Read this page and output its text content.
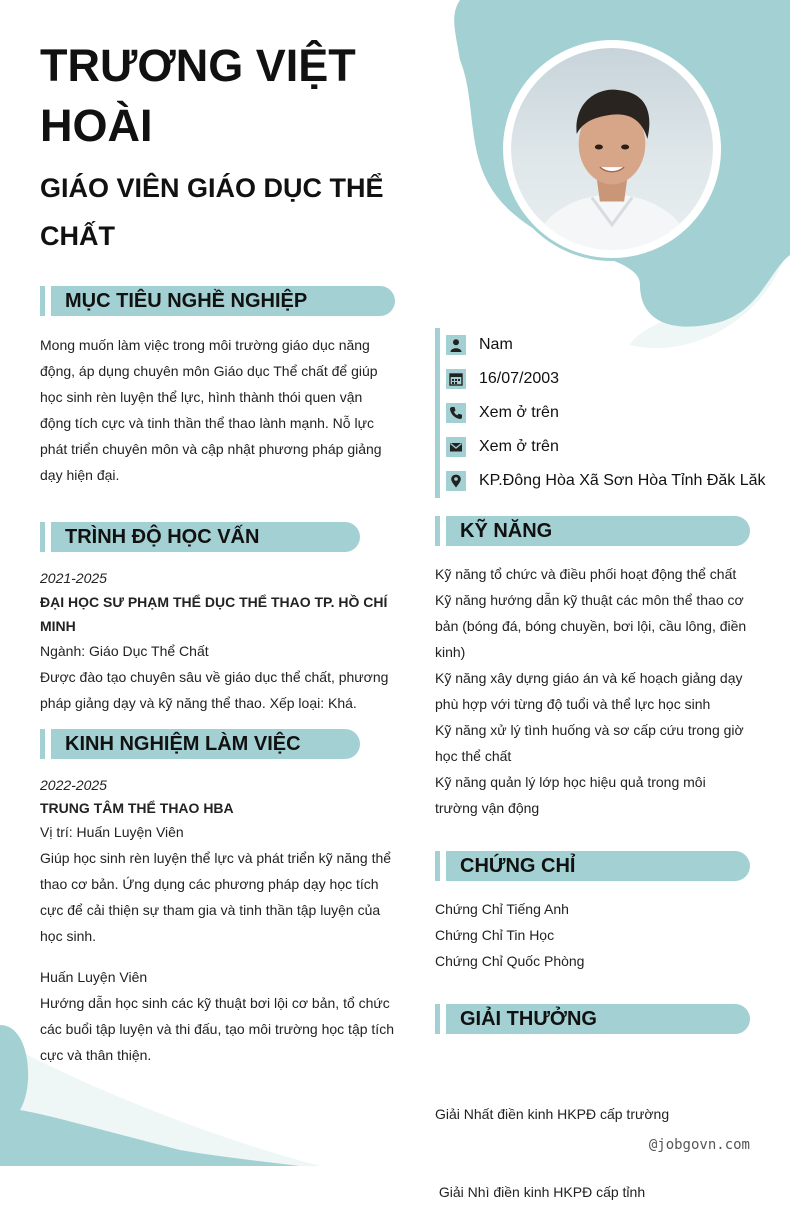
TRƯƠNG VIỆT HOÀI
GIÁO VIÊN GIÁO DỤC THỂ CHẤT
MỤC TIÊU NGHỀ NGHIỆP
Mong muốn làm việc trong môi trường giáo dục năng động, áp dụng chuyên môn Giáo dục Thể chất để giúp học sinh rèn luyện thể lực, hình thành thói quen vận động tích cực và tinh thần thể thao lành mạnh. Nỗ lực phát triển chuyên môn và cập nhật phương pháp giảng dạy hiện đại.
TRÌNH ĐỘ HỌC VẤN
2021-2025
ĐẠI HỌC SƯ PHẠM THỂ DỤC THỂ THAO TP. HỒ CHÍ MINH
Ngành: Giáo Dục Thể Chất
Được đào tạo chuyên sâu về giáo dục thể chất, phương pháp giảng dạy và kỹ năng thể thao. Xếp loại: Khá.
KINH NGHIỆM LÀM VIỆC
2022-2025
TRUNG TÂM THỂ THAO HBA
Vị trí: Huấn Luyện Viên
Giúp học sinh rèn luyện thể lực và phát triển kỹ năng thể thao cơ bản. Ứng dụng các phương pháp dạy học tích cực để cải thiện sự tham gia và tinh thần tập luyện của học sinh.
Huấn Luyện Viên
Hướng dẫn học sinh các kỹ thuật bơi lội cơ bản, tổ chức các buổi tập luyện và thi đấu, tạo môi trường học tập tích cực và thân thiện.
Nam
16/07/2003
Xem ở trên
Xem ở trên
KP.Đông Hòa Xã Sơn Hòa Tỉnh Đăk Lăk
KỸ NĂNG
Kỹ năng tổ chức và điều phối hoạt động thể chất
Kỹ năng hướng dẫn kỹ thuật các môn thể thao cơ bản (bóng đá, bóng chuyền, bơi lội, cầu lông, điền kinh)
Kỹ năng xây dựng giáo án và kế hoạch giảng dạy phù hợp với từng độ tuổi và thể lực học sinh
Kỹ năng xử lý tình huống và sơ cấp cứu trong giờ học thể chất
Kỹ năng quản lý lớp học hiệu quả trong môi trường vận động
CHỨNG CHỈ
Chứng Chỉ Tiếng Anh
Chứng Chỉ Tin Học
Chứng Chỉ Quốc Phòng
GIẢI THƯỞNG

Giải Nhất điền kinh HKPĐ cấp trường

Giải Nhì điền kinh HKPĐ cấp tỉnh

@jobgovn.com
